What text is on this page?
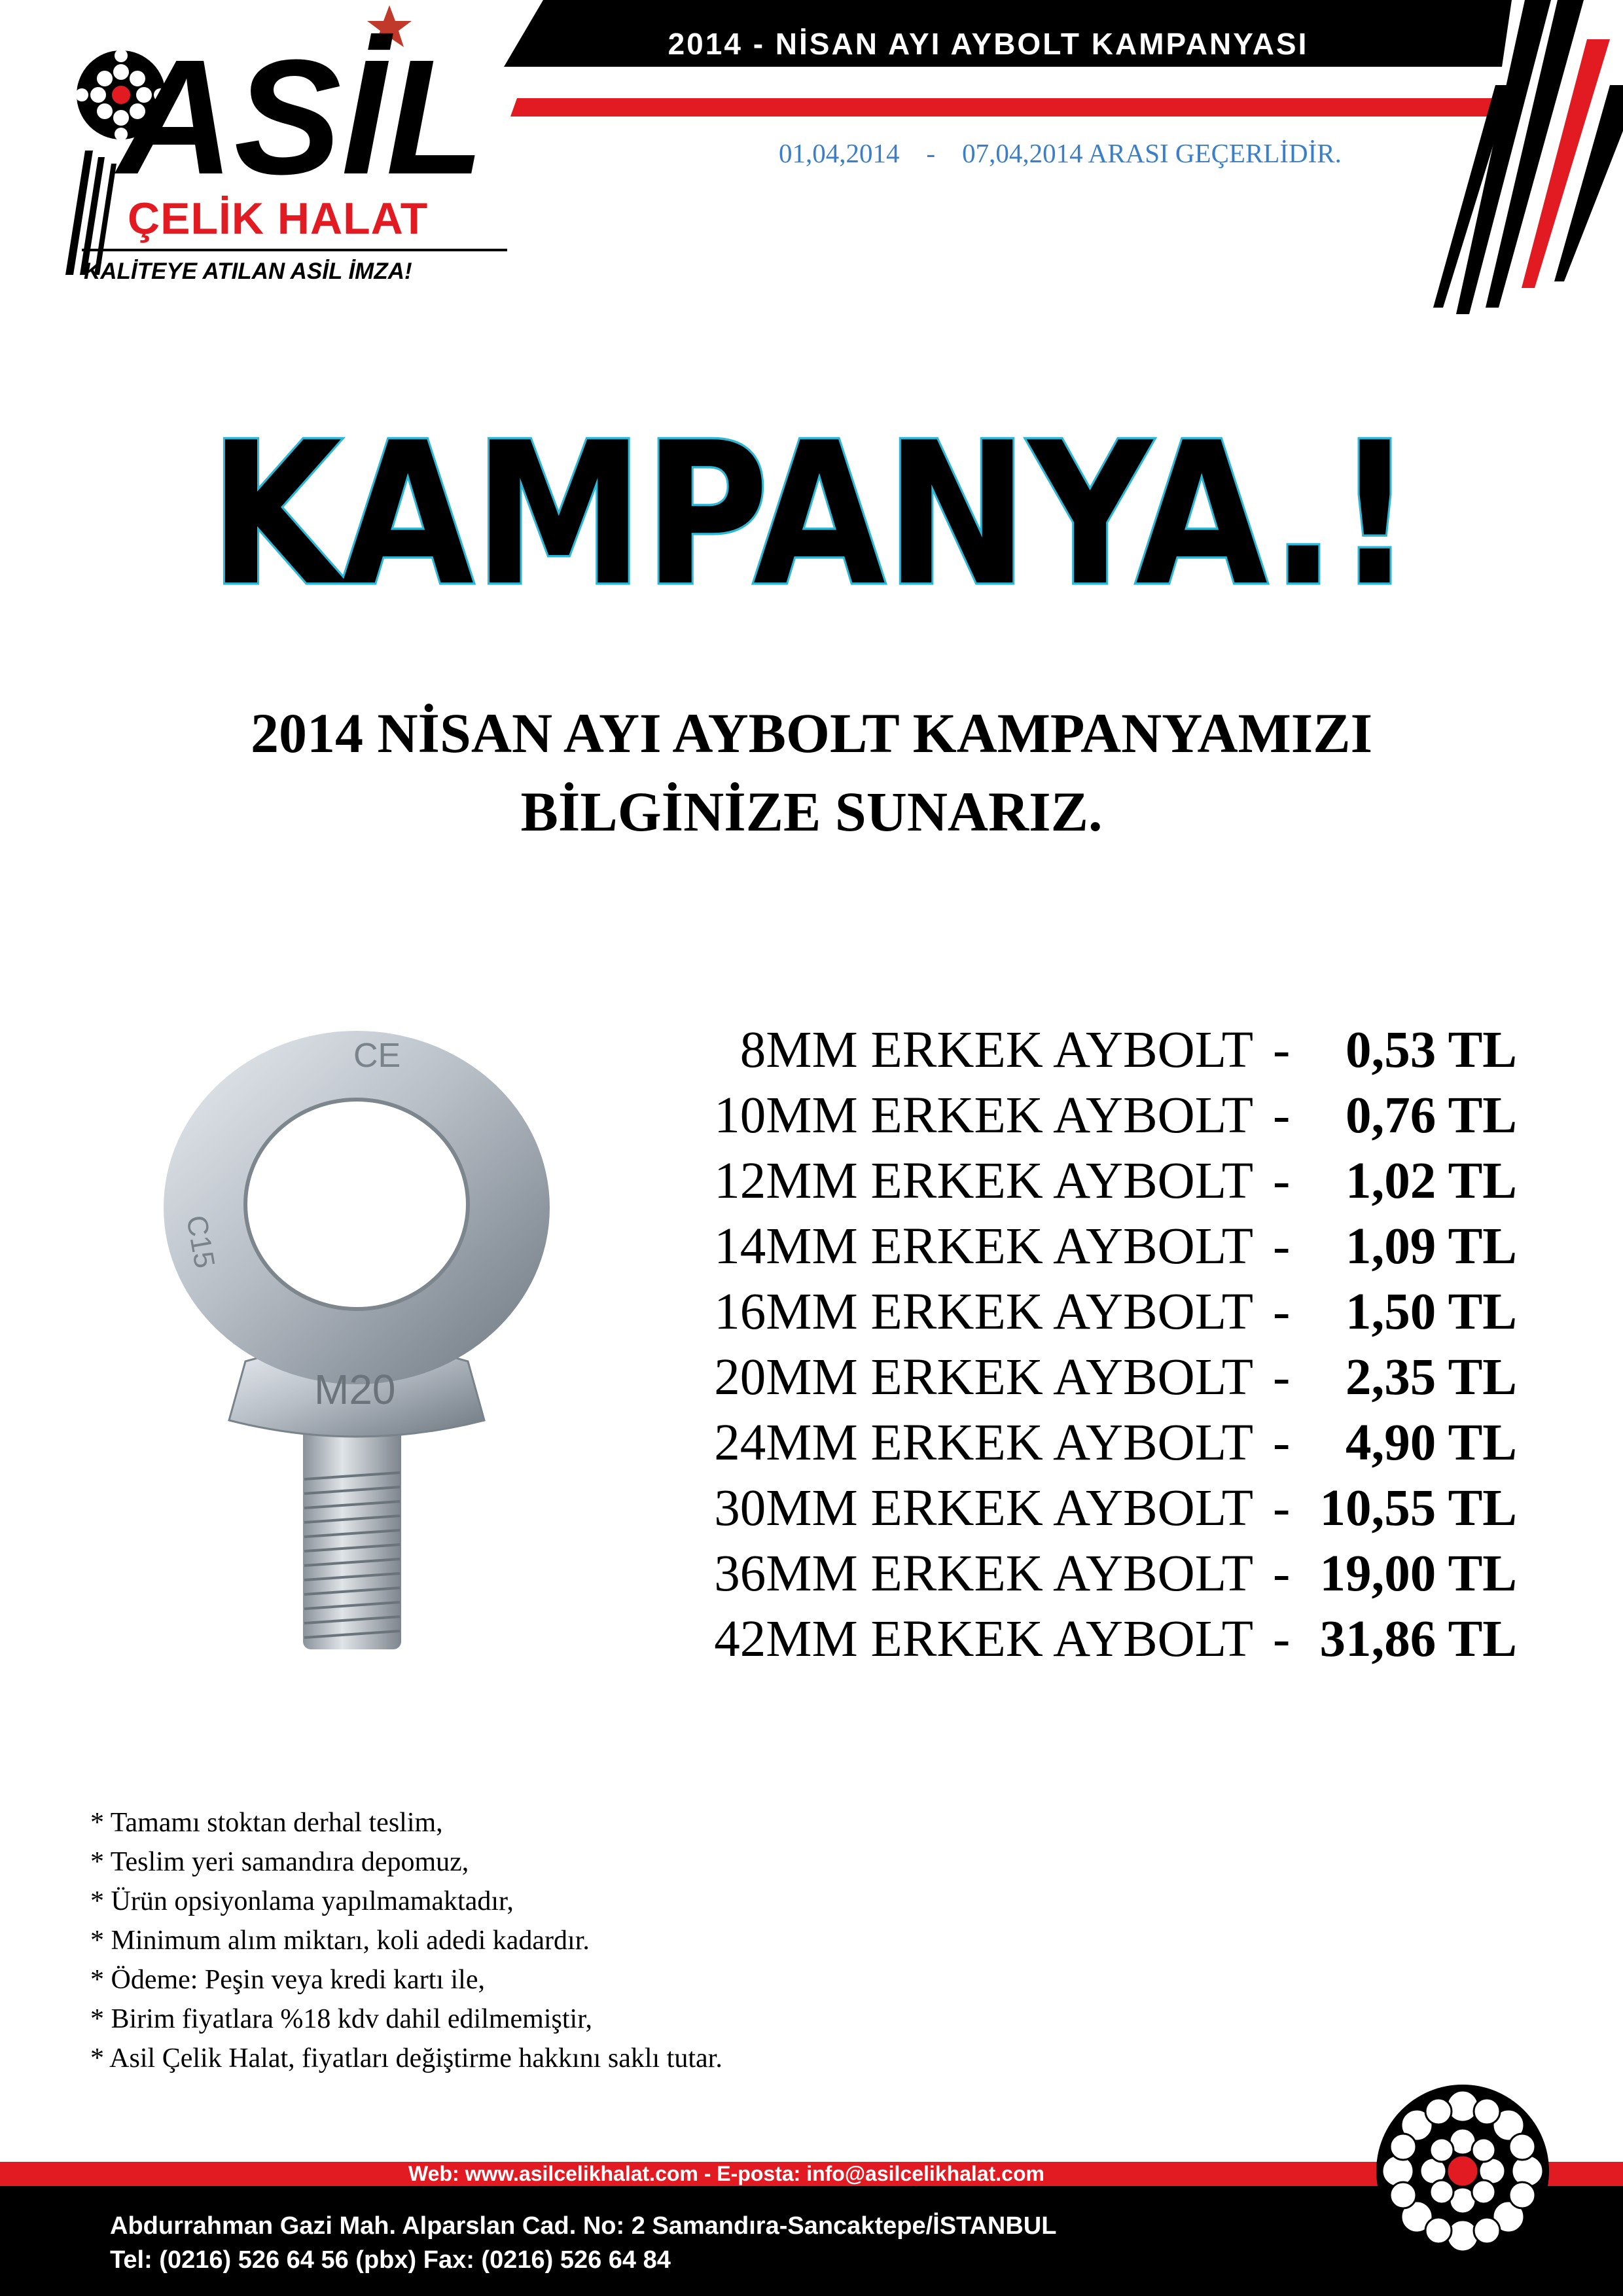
2014 - NİSAN AYI AYBOLT KAMPANYASI
01,04,2014    -    07,04,2014 ARASI GEÇERLİDİR.
ASİL
ÇELİK HALAT
KALİTEYE ATILAN ASİL İMZA!
KAMPANYA.!
2014 NİSAN AYI AYBOLT KAMPANYAMIZI
BİLGİNİZE SUNARIZ.
CE
C15
M20
8MM ERKEK AYBOLT - 0,53 TL
10MM ERKEK AYBOLT - 0,76 TL
12MM ERKEK AYBOLT - 1,02 TL
14MM ERKEK AYBOLT - 1,09 TL
16MM ERKEK AYBOLT - 1,50 TL
20MM ERKEK AYBOLT - 2,35 TL
24MM ERKEK AYBOLT - 4,90 TL
30MM ERKEK AYBOLT - 10,55 TL
36MM ERKEK AYBOLT - 19,00 TL
42MM ERKEK AYBOLT - 31,86 TL
* Tamamı stoktan derhal teslim,
* Teslim yeri samandıra depomuz,
* Ürün opsiyonlama yapılmamaktadır,
* Minimum alım miktarı, koli adedi kadardır.
* Ödeme: Peşin veya kredi kartı ile,
* Birim fiyatlara %18 kdv dahil edilmemiştir,
* Asil Çelik Halat, fiyatları değiştirme hakkını saklı tutar.
Web: www.asilcelikhalat.com - E-posta: info@asilcelikhalat.com
Abdurrahman Gazi Mah. Alparslan Cad. No: 2 Samandıra-Sancaktepe/İSTANBUL
Tel: (0216) 526 64 56 (pbx) Fax: (0216) 526 64 84
